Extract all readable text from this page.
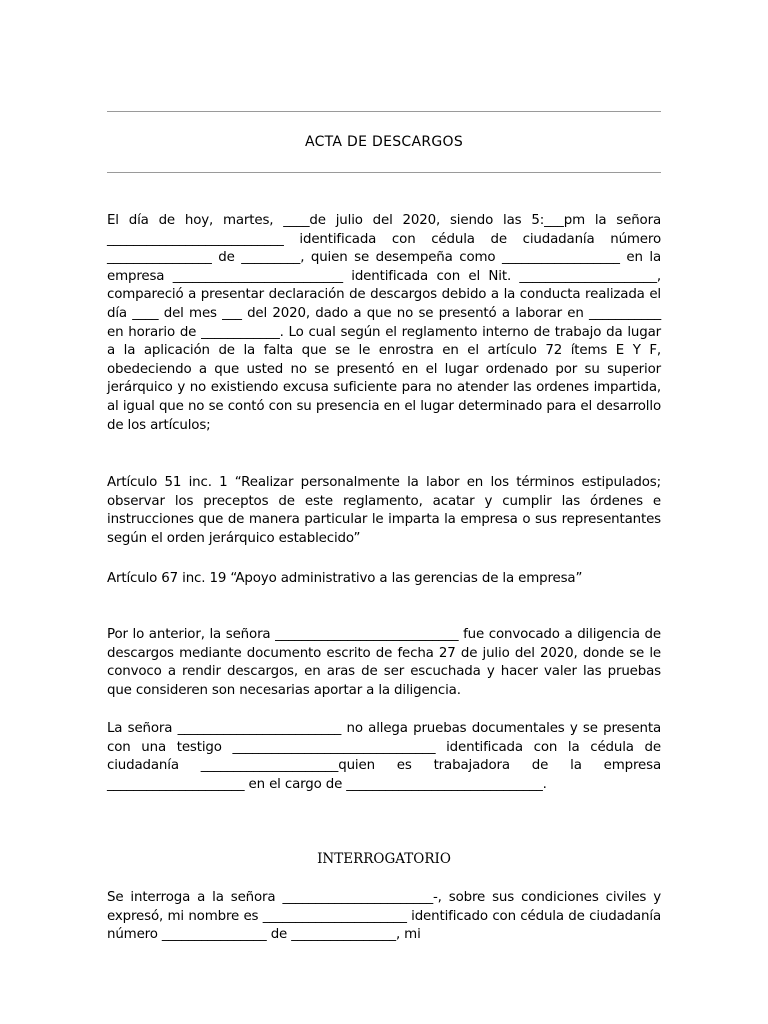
ACTA DE DESCARGOS

El día de hoy, martes, ____de julio del 2020, siendo las 5:___pm la señora ___________________________ identificada con cédula de ciudadanía número ________________ de _________, quien se desempeña como __________________ en la empresa __________________________ identificada con el Nit. _____________________, compareció a presentar declaración de descargos debido a la conducta realizada el día ____ del mes ___ del 2020, dado a que no se presentó a laborar en ___________ en horario de ____________. Lo cual según el reglamento interno de trabajo da lugar a la aplicación de la falta que se le enrostra en el artículo 72 ítems E Y F, obedeciendo a que usted no se presentó en el lugar ordenado por su superior jerárquico y no existiendo excusa suficiente para no atender las ordenes impartida, al igual que no se contó con su presencia en el lugar determinado para el desarrollo de los artículos;

Artículo 51 inc. 1 “Realizar personalmente la labor en los términos estipulados; observar los preceptos de este reglamento, acatar y cumplir las órdenes e instrucciones que de manera particular le imparta la empresa o sus representantes según el orden jerárquico establecido”

Artículo 67 inc. 19 “Apoyo administrativo a las gerencias de la empresa”

Por lo anterior, la señora ____________________________ fue convocado a diligencia de descargos mediante documento escrito de fecha 27 de julio del 2020, donde se le convoco a rendir descargos, en aras de ser escuchada y hacer valer las pruebas que consideren son necesarias aportar a la diligencia.

La señora _________________________ no allega pruebas documentales y se presenta con una testigo _______________________________ identificada con la cédula de ciudadanía _____________________quien es trabajadora de la empresa _____________________ en el cargo de ______________________________.

INTERROGATORIO

Se interroga a la señora _______________________-, sobre sus condiciones civiles y expresó, mi nombre es ______________________ identificado con cédula de ciudadanía número ________________ de ________________, mi
